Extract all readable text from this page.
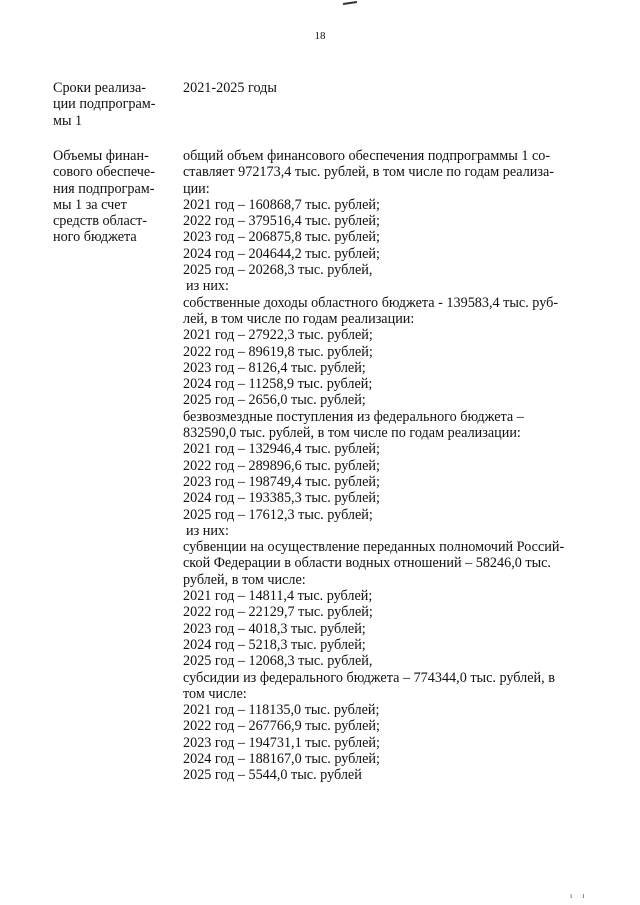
18
Сроки реализа-
ции подпрограм-
мы 1
2021-2025 годы
Объемы финан-
сового обеспече-
ния подпрограм-
мы 1 за счет
средств област-
ного бюджета
общий объем финансового обеспечения подпрограммы 1 со-
ставляет 972173,4 тыс. рублей, в том числе по годам реализа-
ции:
2021 год – 160868,7 тыс. рублей;
2022 год – 379516,4 тыс. рублей;
2023 год – 206875,8 тыс. рублей;
2024 год – 204644,2 тыс. рублей;
2025 год – 20268,3 тыс. рублей,
из них:
собственные доходы областного бюджета - 139583,4 тыс. руб-
лей, в том числе по годам реализации:
2021 год – 27922,3 тыс. рублей;
2022 год – 89619,8 тыс. рублей;
2023 год – 8126,4 тыс. рублей;
2024 год – 11258,9 тыс. рублей;
2025 год – 2656,0 тыс. рублей;
безвозмездные поступления из федерального бюджета –
832590,0 тыс. рублей, в том числе по годам реализации:
2021 год – 132946,4 тыс. рублей;
2022 год – 289896,6 тыс. рублей;
2023 год – 198749,4 тыс. рублей;
2024 год – 193385,3 тыс. рублей;
2025 год – 17612,3 тыс. рублей;
из них:
субвенции на осуществление переданных полномочий Россий-
ской Федерации в области водных отношений – 58246,0 тыс.
рублей, в том числе:
2021 год – 14811,4 тыс. рублей;
2022 год – 22129,7 тыс. рублей;
2023 год – 4018,3 тыс. рублей;
2024 год – 5218,3 тыс. рублей;
2025 год – 12068,3 тыс. рублей,
субсидии из федерального бюджета – 774344,0 тыс. рублей, в
том числе:
2021 год – 118135,0 тыс. рублей;
2022 год – 267766,9 тыс. рублей;
2023 год – 194731,1 тыс. рублей;
2024 год – 188167,0 тыс. рублей;
2025 год – 5544,0 тыс. рублей
ı ı
